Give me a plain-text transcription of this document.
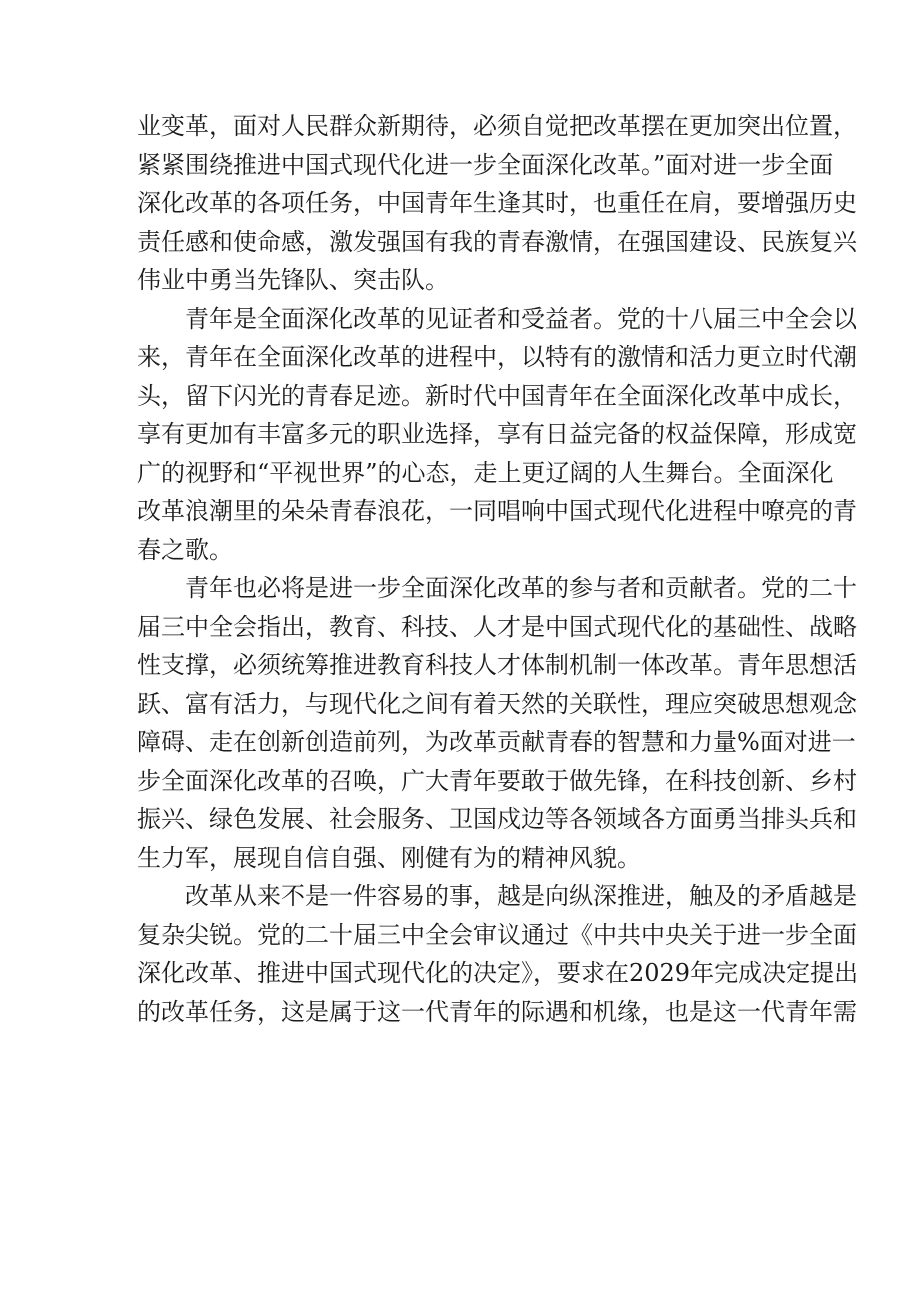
业变革，面对人民群众新期待，必须自觉把改革摆在更加突出位置，
紧紧围绕推进中国式现代化进一步全面深化改革。”面对进一步全面
深化改革的各项任务，中国青年生逢其时，也重任在肩，要增强历史
责任感和使命感，激发强国有我的青春激情，在强国建设、民族复兴
伟业中勇当先锋队、突击队。
青年是全面深化改革的见证者和受益者。党的十八届三中全会以
来，青年在全面深化改革的进程中，以特有的激情和活力更立时代潮
头，留下闪光的青春足迹。新时代中国青年在全面深化改革中成长，
享有更加有丰富多元的职业选择，享有日益完备的权益保障，形成宽
广的视野和“平视世界”的心态，走上更辽阔的人生舞台。全面深化
改革浪潮里的朵朵青春浪花，一同唱响中国式现代化进程中嘹亮的青
春之歌。
青年也必将是进一步全面深化改革的参与者和贡献者。党的二十
届三中全会指出，教育、科技、人才是中国式现代化的基础性、战略
性支撑，必须统筹推进教育科技人才体制机制一体改革。青年思想活
跃、富有活力，与现代化之间有着天然的关联性，理应突破思想观念
障碍、走在创新创造前列，为改革贡献青春的智慧和力量%面对进一
步全面深化改革的召唤，广大青年要敢于做先锋，在科技创新、乡村
振兴、绿色发展、社会服务、卫国戍边等各领域各方面勇当排头兵和
生力军，展现自信自强、刚健有为的精神风貌。
改革从来不是一件容易的事，越是向纵深推进，触及的矛盾越是
复杂尖锐。党的二十届三中全会审议通过《中共中央关于进一步全面
深化改革、推进中国式现代化的决定》，要求在2029年完成决定提出
的改革任务，这是属于这一代青年的际遇和机缘，也是这一代青年需
